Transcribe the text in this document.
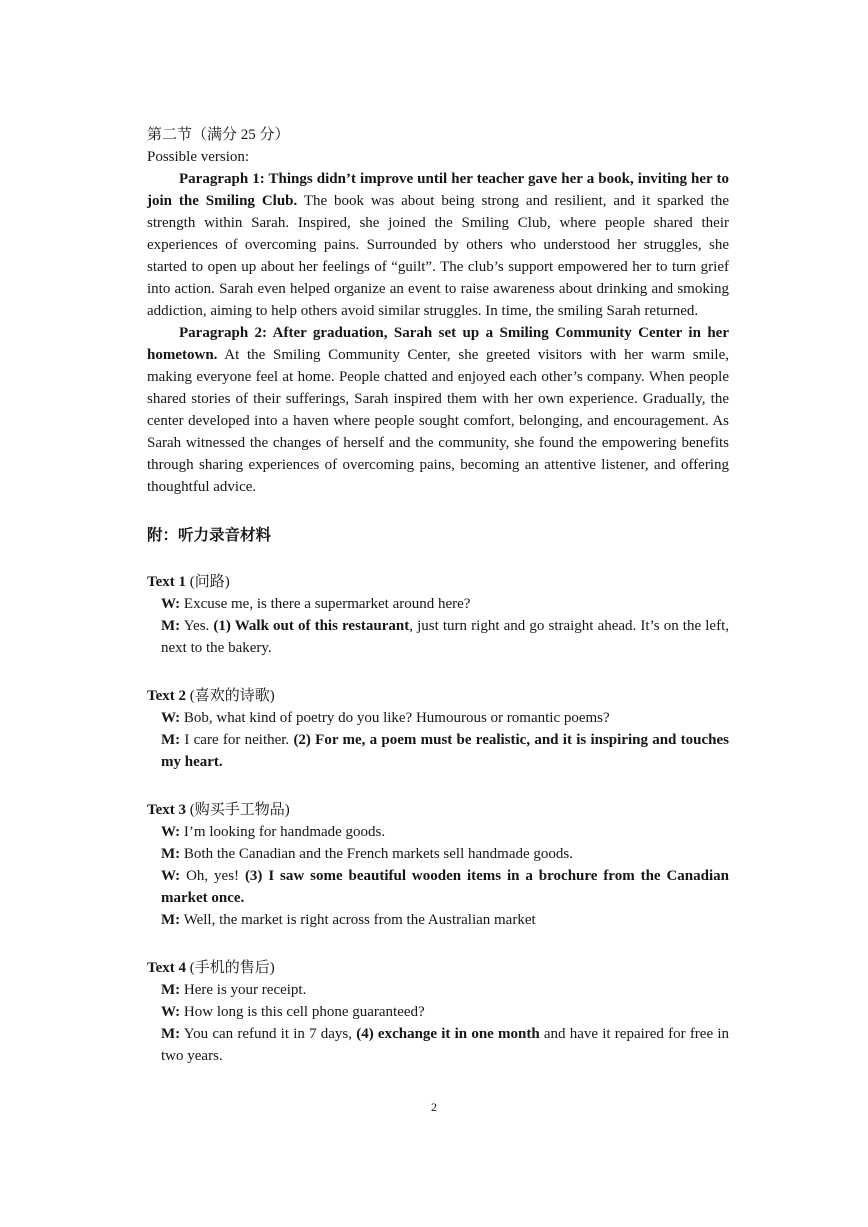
第二节（满分 25 分）

Possible version:

Paragraph 1: Things didn’t improve until her teacher gave her a book, inviting her to join the Smiling Club. The book was about being strong and resilient, and it sparked the strength within Sarah. Inspired, she joined the Smiling Club, where people shared their experiences of overcoming pains. Surrounded by others who understood her struggles, she started to open up about her feelings of “guilt”. The club’s support empowered her to turn grief into action. Sarah even helped organize an event to raise awareness about drinking and smoking addiction, aiming to help others avoid similar struggles. In time, the smiling Sarah returned.

Paragraph 2: After graduation, Sarah set up a Smiling Community Center in her hometown. At the Smiling Community Center, she greeted visitors with her warm smile, making everyone feel at home. People chatted and enjoyed each other’s company. When people shared stories of their sufferings, Sarah inspired them with her own experience. Gradually, the center developed into a haven where people sought comfort, belonging, and encouragement. As Sarah witnessed the changes of herself and the community, she found the empowering benefits through sharing experiences of overcoming pains, becoming an attentive listener, and offering thoughtful advice.

附：听力录音材料

Text 1 (问路)

W: Excuse me, is there a supermarket around here?

M: Yes. (1) Walk out of this restaurant, just turn right and go straight ahead. It’s on the left, next to the bakery.

Text 2 (喜欢的诗歌)

W: Bob, what kind of poetry do you like? Humourous or romantic poems?

M: I care for neither. (2) For me, a poem must be realistic, and it is inspiring and touches my heart.

Text 3 (购买手工物品)

W: I’m looking for handmade goods.

M: Both the Canadian and the French markets sell handmade goods.

W: Oh, yes! (3) I saw some beautiful wooden items in a brochure from the Canadian market once.

M: Well, the market is right across from the Australian market

Text 4 (手机的售后)

M: Here is your receipt.

W: How long is this cell phone guaranteed?

M: You can refund it in 7 days, (4) exchange it in one month and have it repaired for free in two years.

2
